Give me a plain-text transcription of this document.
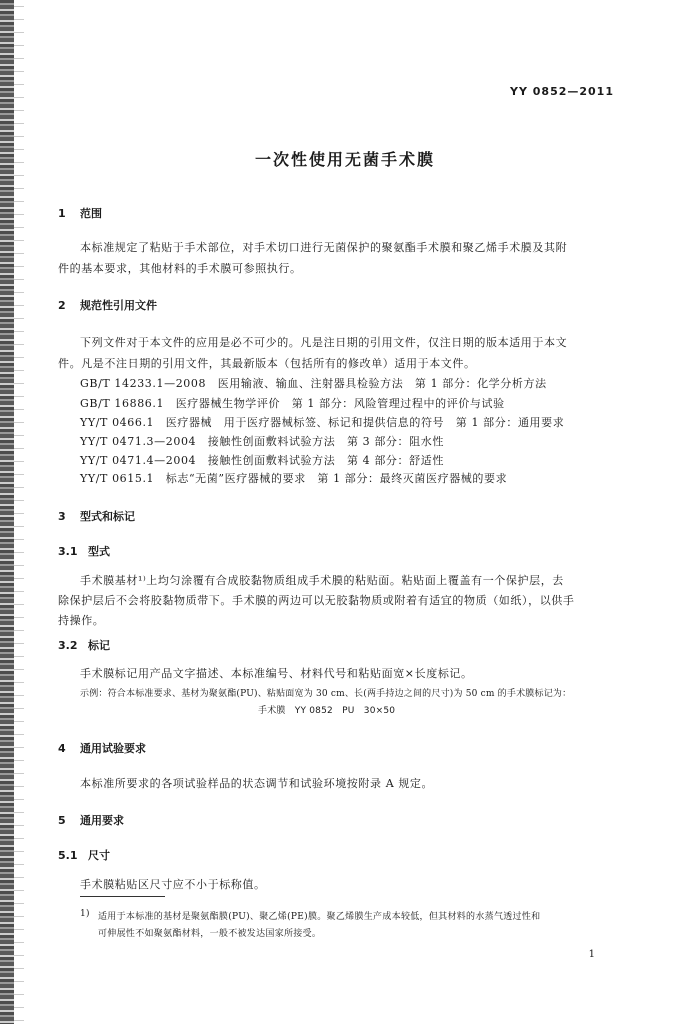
YY 0852—2011
一次性使用无菌手术膜
1 范围
本标准规定了粘贴于手术部位，对手术切口进行无菌保护的聚氨酯手术膜和聚乙烯手术膜及其附
件的基本要求，其他材料的手术膜可参照执行。
2 规范性引用文件
下列文件对于本文件的应用是必不可少的。凡是注日期的引用文件，仅注日期的版本适用于本文
件。凡是不注日期的引用文件，其最新版本（包括所有的修改单）适用于本文件。
GB/T 14233.1—2008　医用输液、输血、注射器具检验方法　第 1 部分：化学分析方法
GB/T 16886.1　医疗器械生物学评价　第 1 部分：风险管理过程中的评价与试验
YY/T 0466.1　医疗器械　用于医疗器械标签、标记和提供信息的符号　第 1 部分：通用要求
YY/T 0471.3—2004　接触性创面敷料试验方法　第 3 部分：阻水性
YY/T 0471.4—2004　接触性创面敷料试验方法　第 4 部分：舒适性
YY/T 0615.1　标志“无菌”医疗器械的要求　第 1 部分：最终灭菌医疗器械的要求
3 型式和标记
3.1 型式
手术膜基材¹⁾上均匀涂覆有合成胶黏物质组成手术膜的粘贴面。粘贴面上覆盖有一个保护层，去
除保护层后不会将胶黏物质带下。手术膜的两边可以无胶黏物质或附着有适宜的物质（如纸），以供手
持操作。
3.2 标记
手术膜标记用产品文字描述、本标准编号、材料代号和粘贴面宽×长度标记。
示例：符合本标准要求、基材为聚氨酯(PU)、粘贴面宽为 30 cm、长(两手持边之间的尺寸)为 50 cm 的手术膜标记为：
手术膜　YY 0852　PU　30×50
4 通用试验要求
本标准所要求的各项试验样品的状态调节和试验环境按附录 A 规定。
5 通用要求
5.1 尺寸
手术膜粘贴区尺寸应不小于标称值。
1) 适用于本标准的基材是聚氨酯膜(PU)、聚乙烯(PE)膜。聚乙烯膜生产成本较低，但其材料的水蒸气透过性和
可伸展性不如聚氨酯材料，一般不被发达国家所接受。
1
